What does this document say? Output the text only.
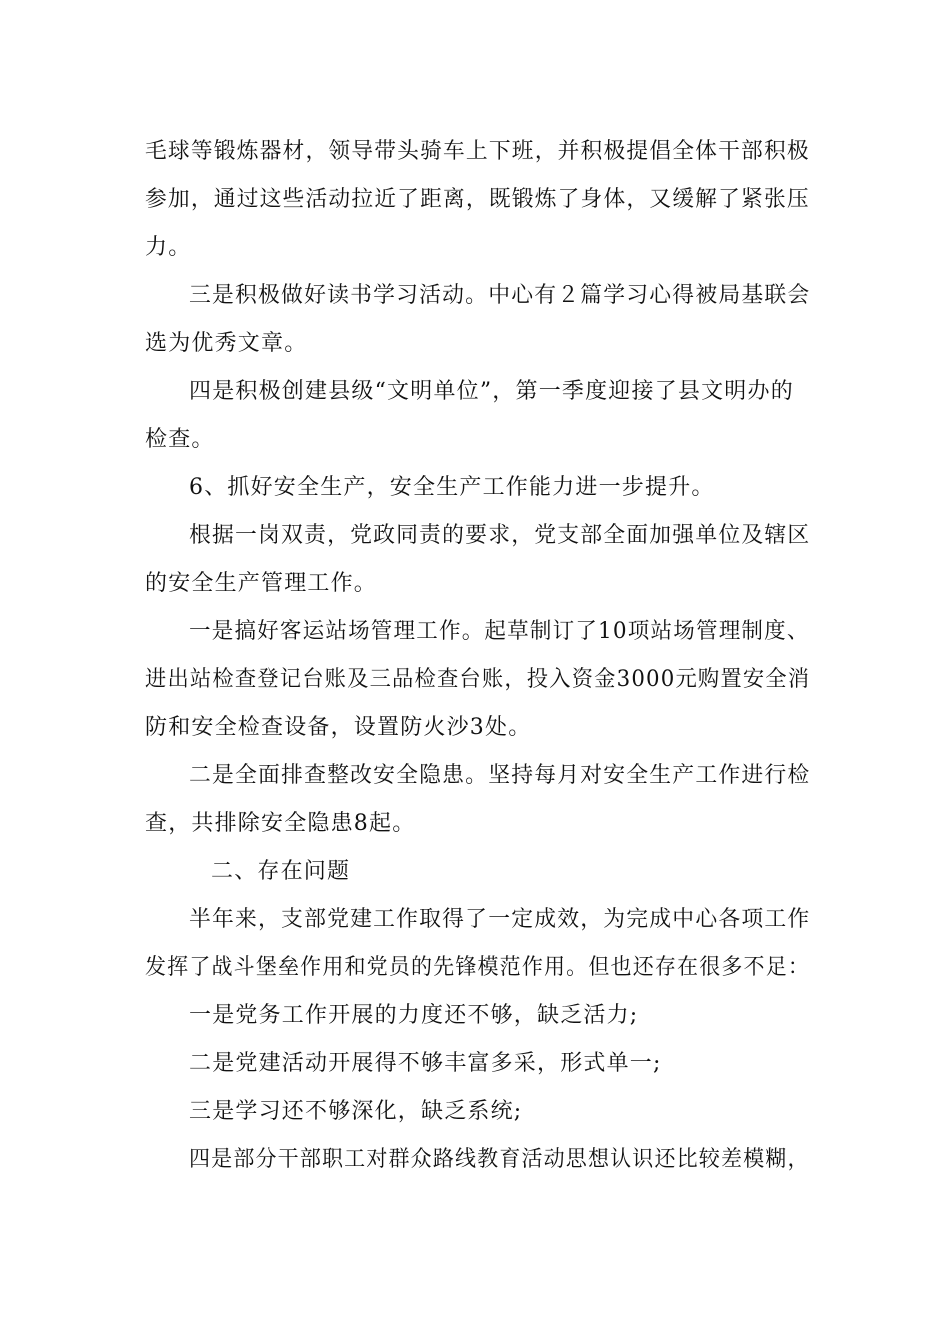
毛球等锻炼器材，领导带头骑车上下班，并积极提倡全体干部积极
参加，通过这些活动拉近了距离，既锻炼了身体，又缓解了紧张压
力。
三是积极做好读书学习活动。中心有２篇学习心得被局基联会
选为优秀文章。
四是积极创建县级“文明单位”，第一季度迎接了县文明办的
检查。
6、抓好安全生产，安全生产工作能力进一步提升。
根据一岗双责，党政同责的要求，党支部全面加强单位及辖区
的安全生产管理工作。
一是搞好客运站场管理工作。起草制订了10项站场管理制度、
进出站检查登记台账及三品检查台账，投入资金3000元购置安全消
防和安全检查设备，设置防火沙3处。
二是全面排查整改安全隐患。坚持每月对安全生产工作进行检
查，共排除安全隐患8起。
二、存在问题
半年来，支部党建工作取得了一定成效，为完成中心各项工作
发挥了战斗堡垒作用和党员的先锋模范作用。但也还存在很多不足：
一是党务工作开展的力度还不够，缺乏活力;
二是党建活动开展得不够丰富多采，形式单一;
三是学习还不够深化，缺乏系统;
四是部分干部职工对群众路线教育活动思想认识还比较差模糊，
